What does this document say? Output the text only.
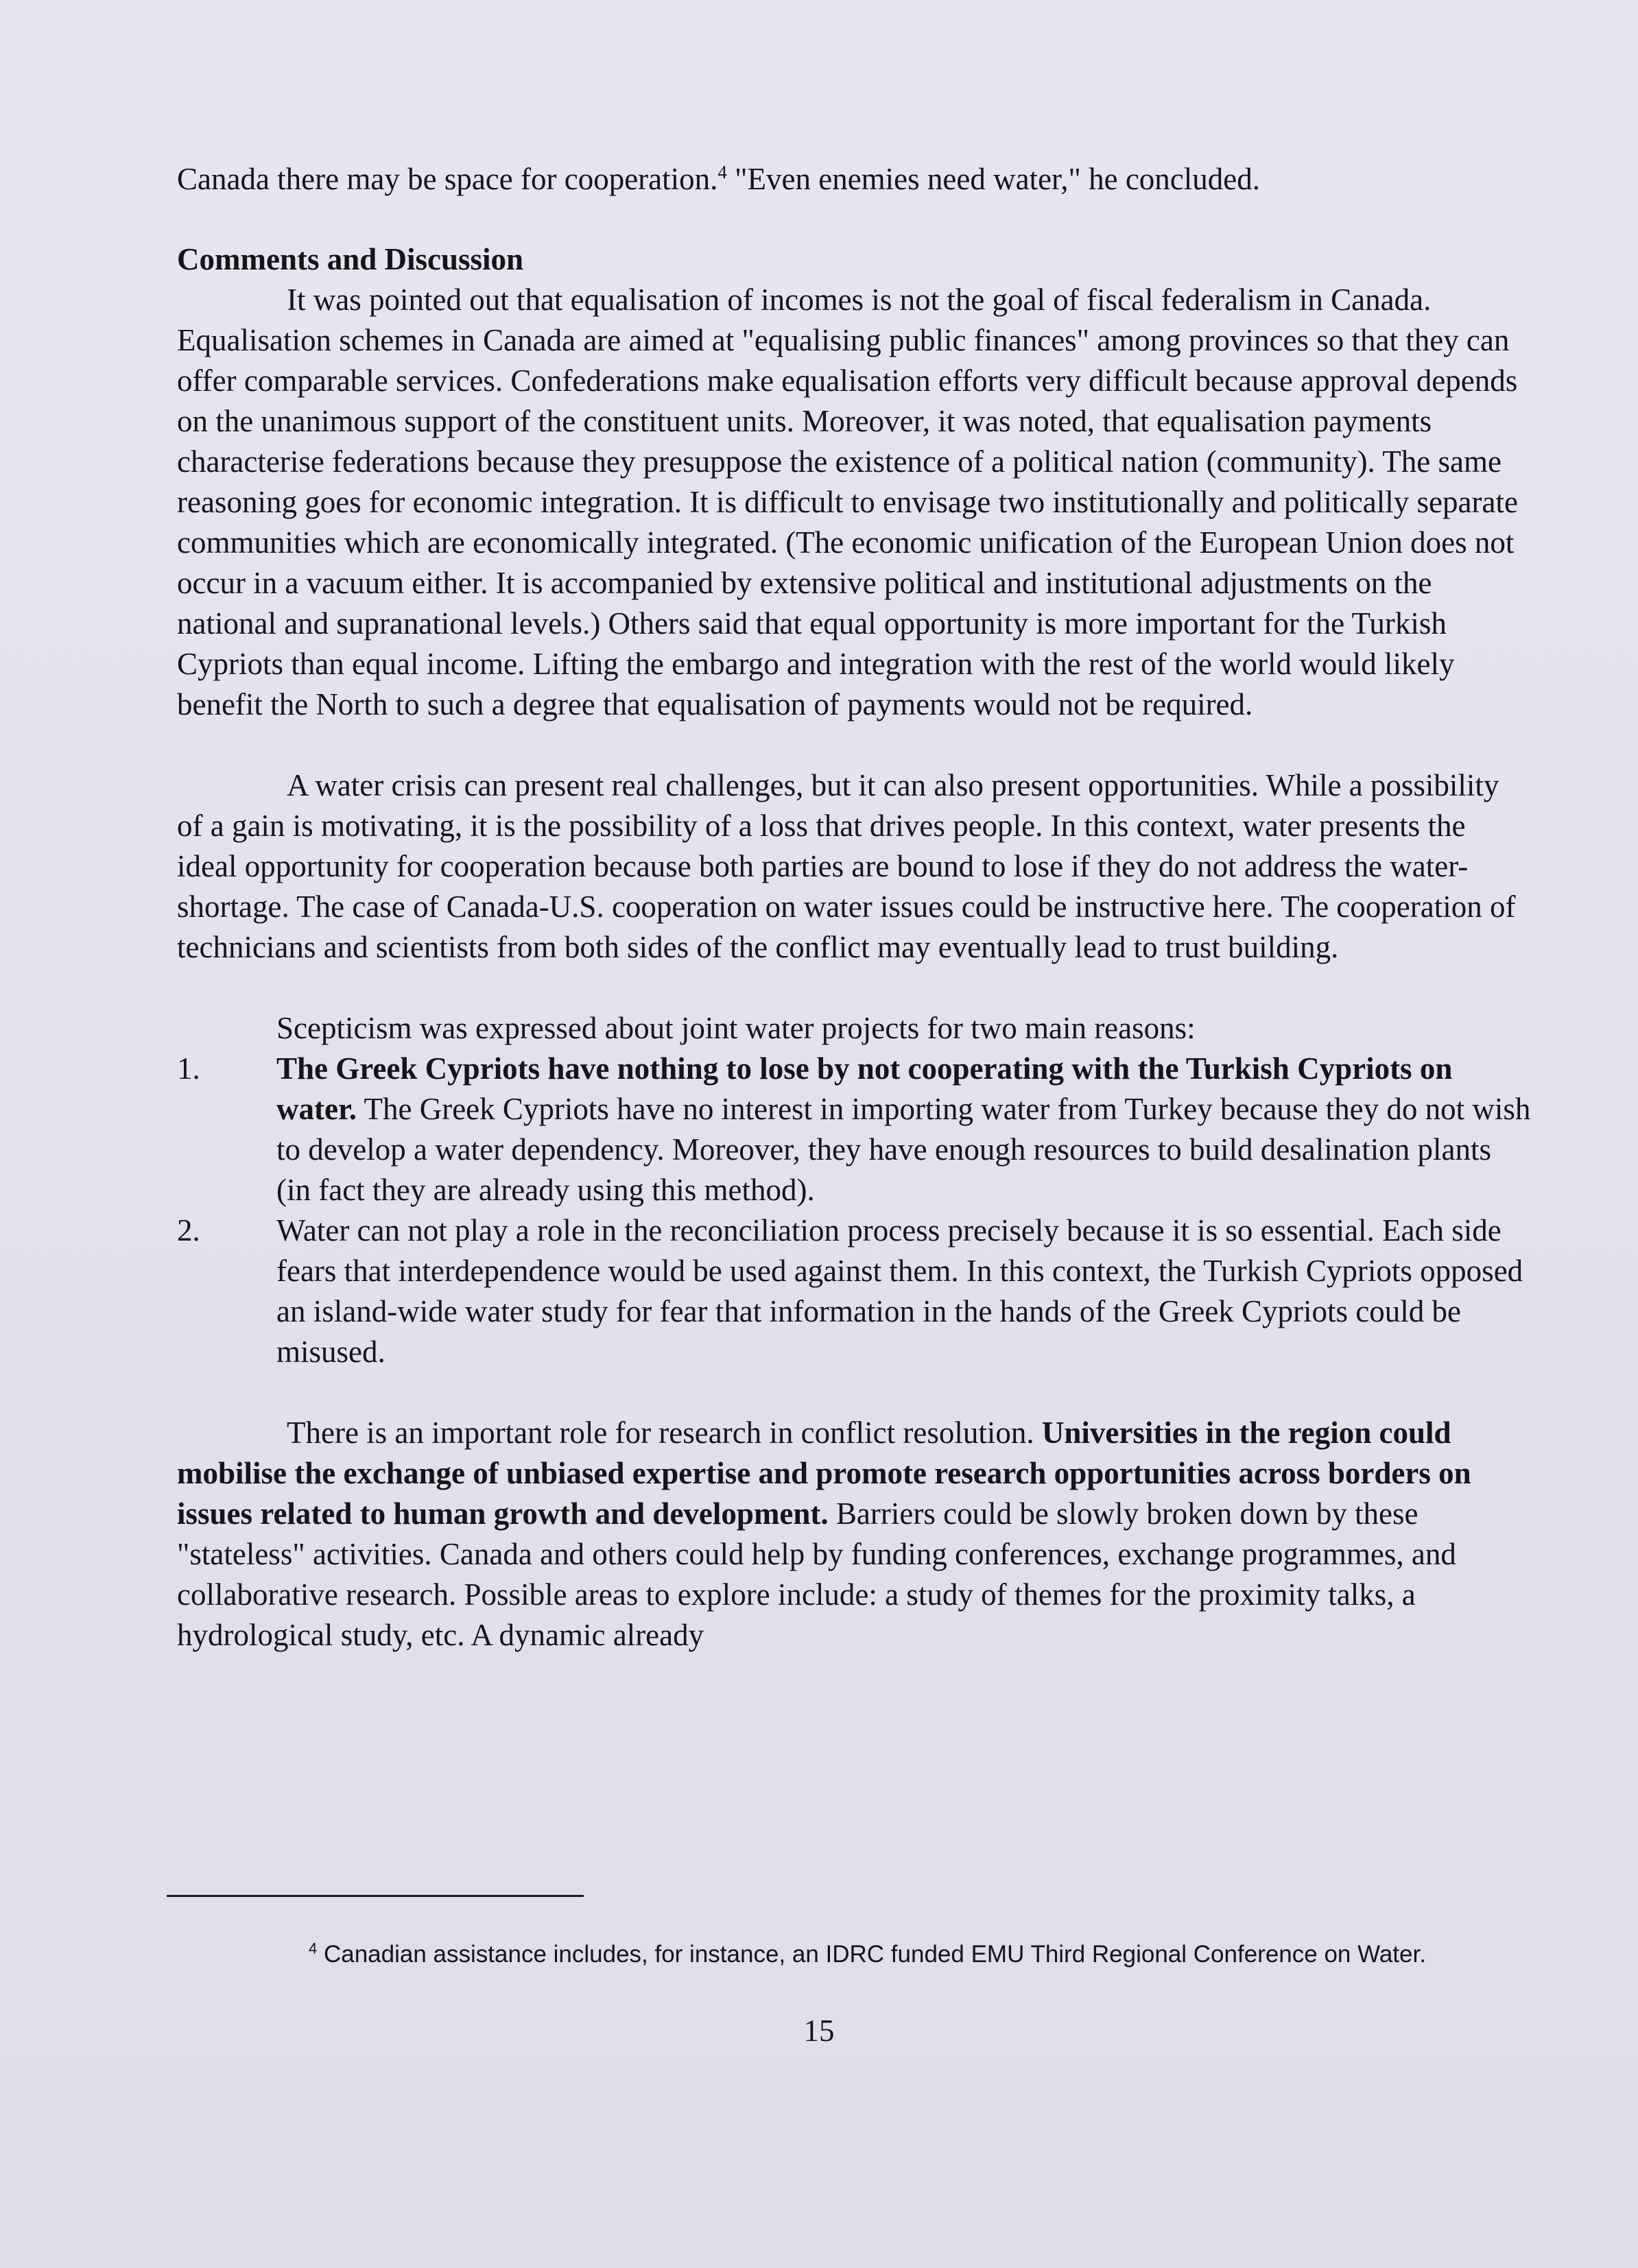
Canada there may be space for cooperation.$^4$ "Even enemies need water," he concluded.

Comments and Discussion

It was pointed out that equalisation of incomes is not the goal of fiscal federalism in Canada. Equalisation schemes in Canada are aimed at "equalising public finances" among provinces so that they can offer comparable services. Confederations make equalisation efforts very difficult because approval depends on the unanimous support of the constituent units. Moreover, it was noted, that equalisation payments characterise federations because they presuppose the existence of a political nation (community). The same reasoning goes for economic integration. It is difficult to envisage two institutionally and politically separate communities which are economically integrated. (The economic unification of the European Union does not occur in a vacuum either. It is accompanied by extensive political and institutional adjustments on the national and supranational levels.) Others said that equal opportunity is more important for the Turkish Cypriots than equal income. Lifting the embargo and integration with the rest of the world would likely benefit the North to such a degree that equalisation of payments would not be required.

A water crisis can present real challenges, but it can also present opportunities. While a possibility of a gain is motivating, it is the possibility of a loss that drives people. In this context, water presents the ideal opportunity for cooperation because both parties are bound to lose if they do not address the water-shortage. The case of Canada-U.S. cooperation on water issues could be instructive here. The cooperation of technicians and scientists from both sides of the conflict may eventually lead to trust building.

Scepticism was expressed about joint water projects for two main reasons:

1. The Greek Cypriots have nothing to lose by not cooperating with the Turkish Cypriots on water. The Greek Cypriots have no interest in importing water from Turkey because they do not wish to develop a water dependency. Moreover, they have enough resources to build desalination plants (in fact they are already using this method).
2. Water can not play a role in the reconciliation process precisely because it is so essential. Each side fears that interdependence would be used against them. In this context, the Turkish Cypriots opposed an island-wide water study for fear that information in the hands of the Greek Cypriots could be misused.

There is an important role for research in conflict resolution. Universities in the region could mobilise the exchange of unbiased expertise and promote research opportunities across borders on issues related to human growth and development. Barriers could be slowly broken down by these "stateless" activities. Canada and others could help by funding conferences, exchange programmes, and collaborative research. Possible areas to explore include: a study of themes for the proximity talks, a hydrological study, etc. A dynamic already

$^4$ Canadian assistance includes, for instance, an IDRC funded EMU Third Regional Conference on Water.

15
